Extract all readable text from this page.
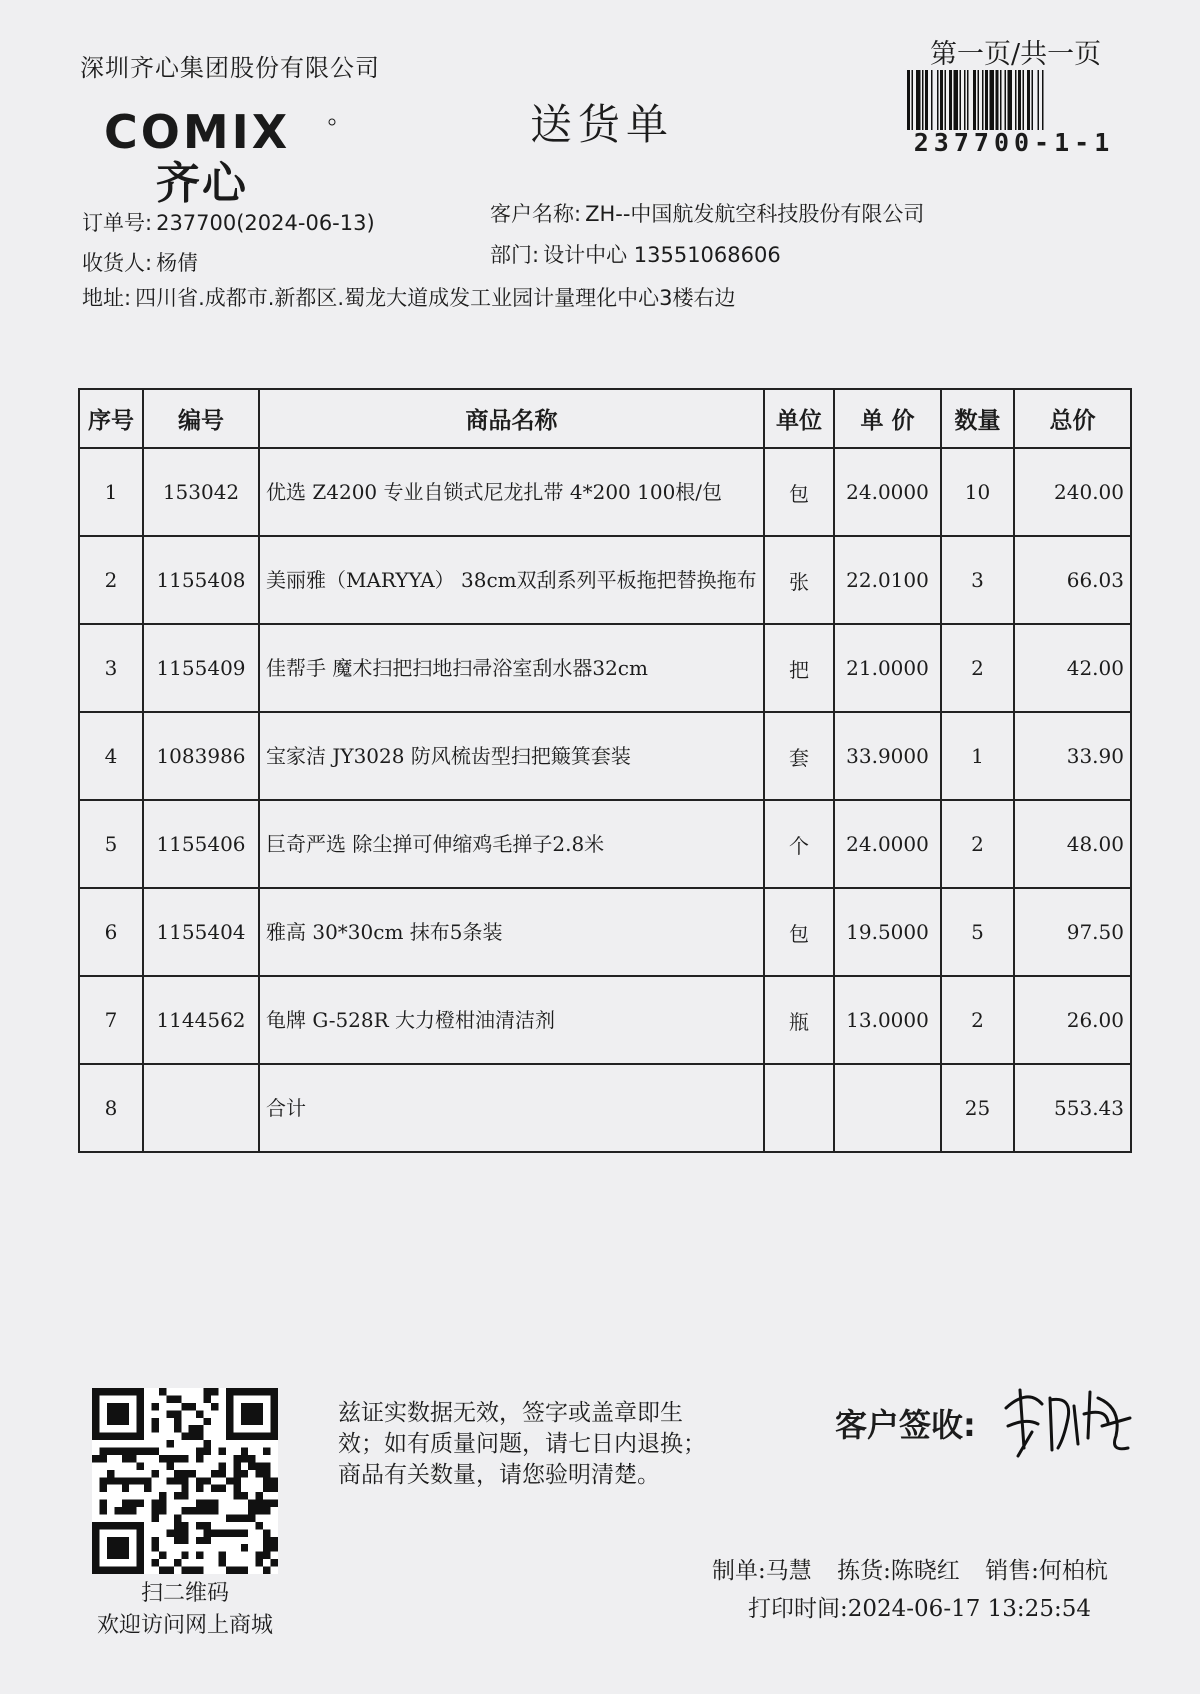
深圳齐心集团股份有限公司	第一页/共一页
送货单
COMIX
齐心
237700-1-1
订单号: 237700(2024-06-13)
收货人: 杨倩
地址: 四川省.成都市.新都区.蜀龙大道成发工业园计量理化中心3楼右边
客户名称: ZH--中国航发航空科技股份有限公司
部门: 设计中心 13551068606
序号	编号	商品名称	单位	单 价	数量	总价
1	153042	优选 Z4200 专业自锁式尼龙扎带 4*200 100根/包	包	24.0000	10	240.00
2	1155408	美丽雅（MARYYA） 38cm双刮系列平板拖把替换拖布	张	22.0100	3	66.03
3	1155409	佳帮手 魔术扫把扫地扫帚浴室刮水器32cm	把	21.0000	2	42.00
4	1083986	宝家洁 JY3028 防风梳齿型扫把簸箕套装	套	33.9000	1	33.90
5	1155406	巨奇严选 除尘掸可伸缩鸡毛掸子2.8米	个	24.0000	2	48.00
6	1155404	雅高 30*30cm 抹布5条装	包	19.5000	5	97.50
7	1144562	龟牌 G-528R 大力橙柑油清洁剂	瓶	13.0000	2	26.00
8		合计			25	553.43
扫二维码
欢迎访问网上商城
兹证实数据无效，签字或盖章即生
效；如有质量问题，请七日内退换；
商品有关数量，请您验明清楚。
客户签收:
制单:马慧 拣货:陈晓红 销售:何柏杭
打印时间:2024-06-17 13:25:54
